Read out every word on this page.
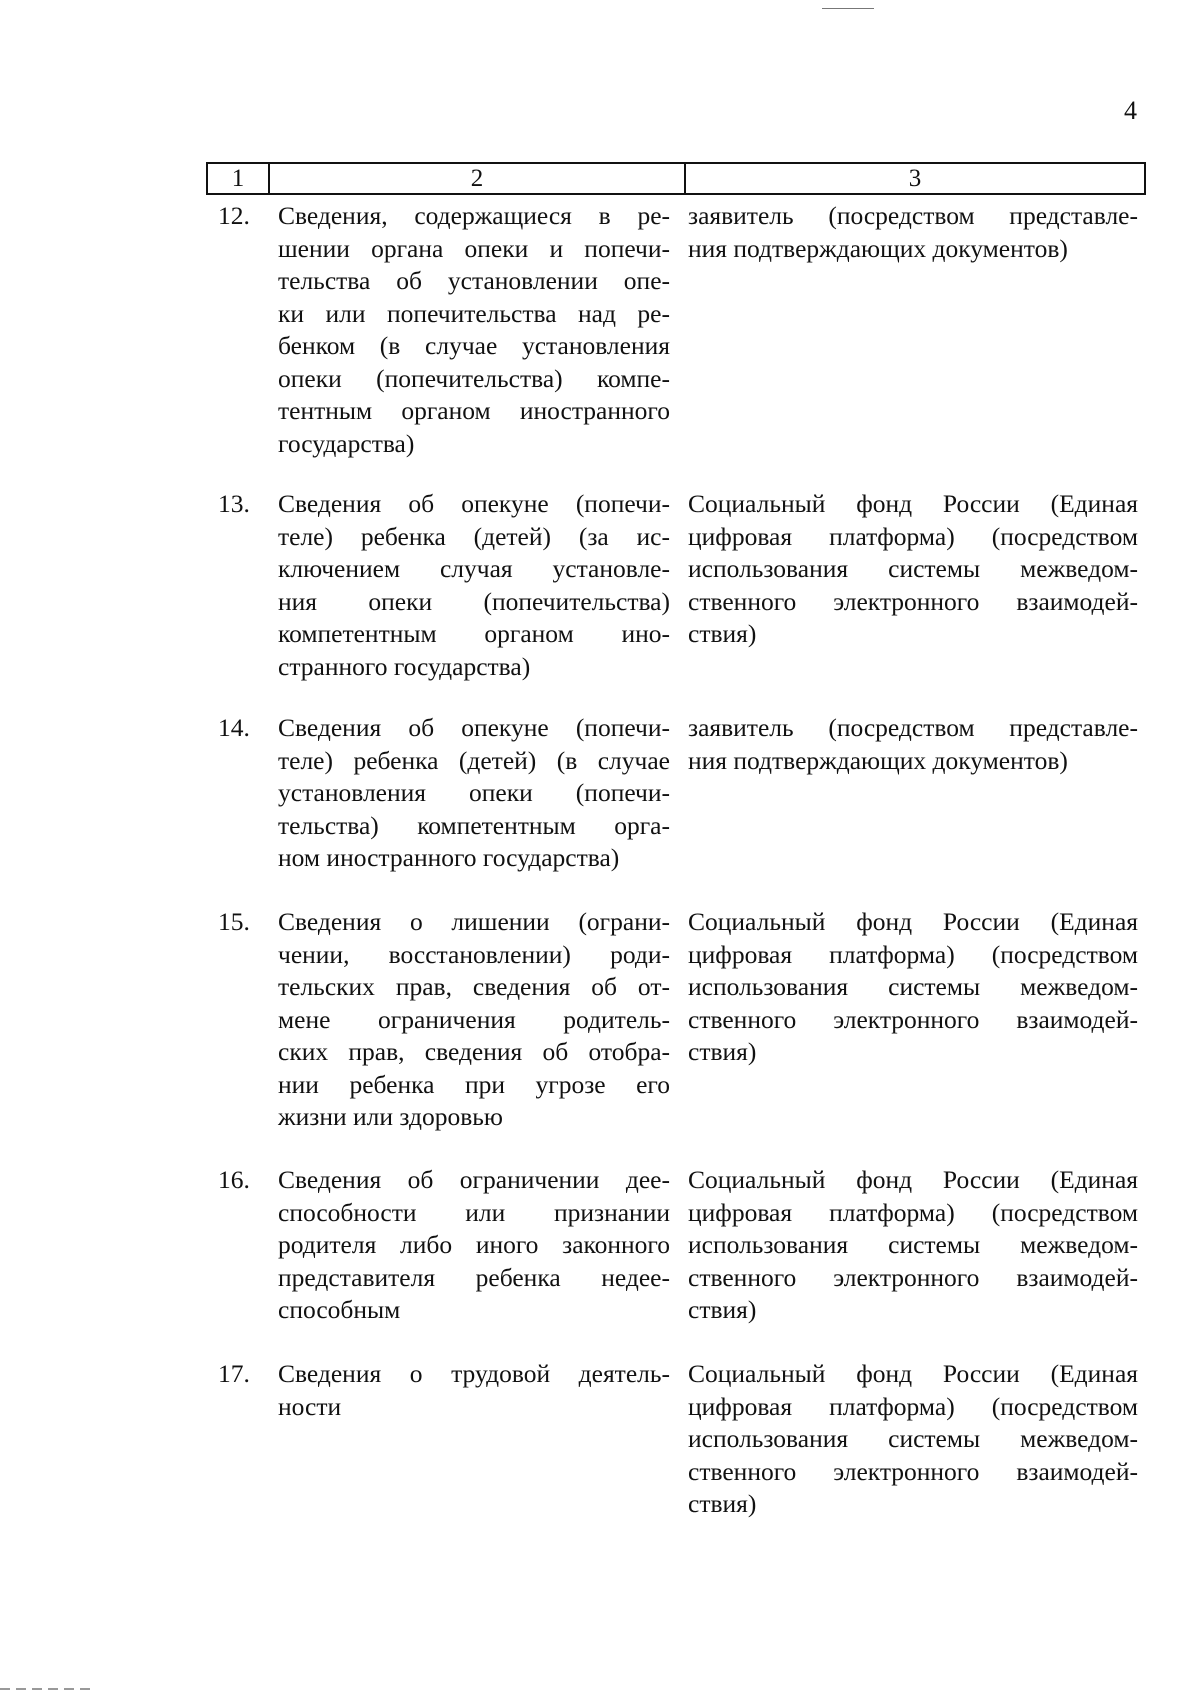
4
1	2	3
12. Сведения, содержащиеся в ре-
шении органа опеки и попечи-
тельства об установлении опе-
ки или попечительства над ре-
бенком (в случае установления
опеки (попечительства) компе-
тентным органом иностранного
государства)
заявитель (посредством представле-
ния подтверждающих документов)
13. Сведения об опекуне (попечи-
теле) ребенка (детей) (за ис-
ключением случая установле-
ния опеки (попечительства)
компетентным органом ино-
странного государства)
Социальный фонд России (Единая
цифровая платформа) (посредством
использования системы межведом-
ственного электронного взаимодей-
ствия)
14. Сведения об опекуне (попечи-
теле) ребенка (детей) (в случае
установления опеки (попечи-
тельства) компетентным орга-
ном иностранного государства)
заявитель (посредством представле-
ния подтверждающих документов)
15. Сведения о лишении (ограни-
чении, восстановлении) роди-
тельских прав, сведения об от-
мене ограничения родитель-
ских прав, сведения об отобра-
нии ребенка при угрозе его
жизни или здоровью
Социальный фонд России (Единая
цифровая платформа) (посредством
использования системы межведом-
ственного электронного взаимодей-
ствия)
16. Сведения об ограничении дее-
способности или признании
родителя либо иного законного
представителя ребенка недее-
способным
Социальный фонд России (Единая
цифровая платформа) (посредством
использования системы межведом-
ственного электронного взаимодей-
ствия)
17. Сведения о трудовой деятель-
ности
Социальный фонд России (Единая
цифровая платформа) (посредством
использования системы межведом-
ственного электронного взаимодей-
ствия)
